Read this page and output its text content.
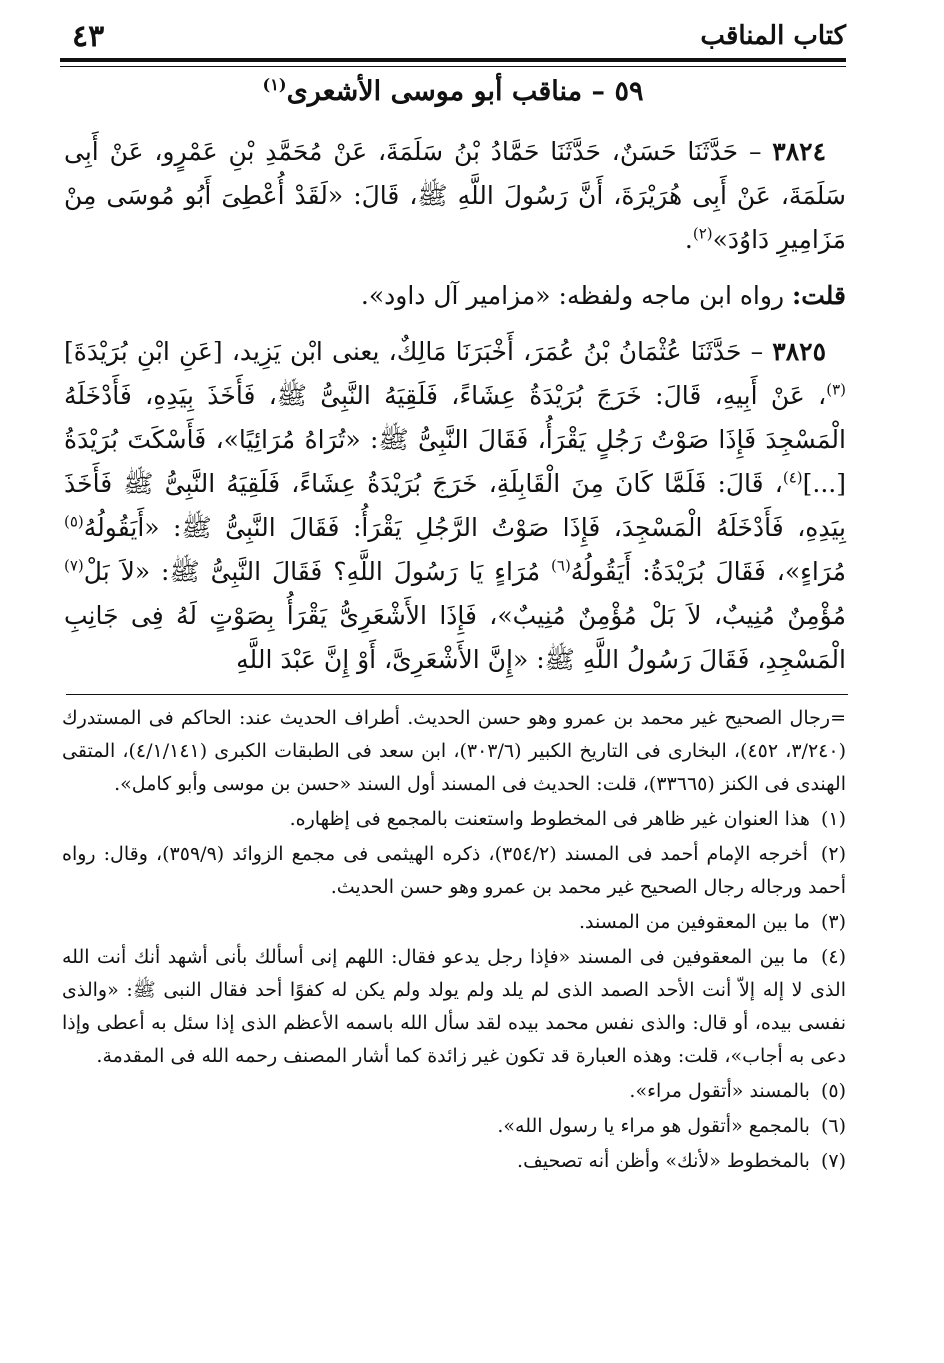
كتاب المناقب
٤٣
٥٩ – مناقب أبو موسى الأشعرى$^{(١)}$

٣٨٢٤ – حَدَّثَنَا حَسَنٌ، حَدَّثَنَا حَمَّادُ بْنُ سَلَمَةَ، عَنْ مُحَمَّدِ بْنِ عَمْرٍو، عَنْ أَبِى سَلَمَةَ، عَنْ أَبِى هُرَيْرَةَ، أَنَّ رَسُولَ اللَّهِ ﷺ، قَالَ: «لَقَدْ أُعْطِىَ أَبُو مُوسَى مِنْ مَزَامِيرِ دَاوُدَ»$^{(٢)}$.

قلت: رواه ابن ماجه ولفظه: «مزامير آل داود».

٣٨٢٥ – حَدَّثَنَا عُثْمَانُ بْنُ عُمَرَ، أَخْبَرَنَا مَالِكٌ، يعنى ابْن يَزِيد، [عَنِ ابْنِ بُرَيْدَةَ]$^{(٣)}$، عَنْ أَبِيهِ، قَالَ: خَرَجَ بُرَيْدَةُ عِشَاءً، فَلَقِيَهُ النَّبِىُّ ﷺ، فَأَخَذَ بِيَدِهِ، فَأَدْخَلَهُ الْمَسْجِدَ فَإِذَا صَوْتُ رَجُلٍ يَقْرَأُ، فَقَالَ النَّبِىُّ ﷺ: «تُرَاهُ مُرَائِيًا»، فَأَسْكَتَ بُرَيْدَةُ [...]$^{(٤)}$، قَالَ: فَلَمَّا كَانَ مِنَ الْقَابِلَةِ، خَرَجَ بُرَيْدَةُ عِشَاءً، فَلَقِيَهُ النَّبِىُّ ﷺ فَأَخَذَ بِيَدِهِ، فَأَدْخَلَهُ الْمَسْجِدَ، فَإِذَا صَوْتُ الرَّجُلِ يَقْرَأُ: فَقَالَ النَّبِىُّ ﷺ: «أَيَقُولُهُ$^{(٥)}$ مُرَاءٍ»، فَقَالَ بُرَيْدَةُ: أَيَقُولُهُ$^{(٦)}$ مُرَاءٍ يَا رَسُولَ اللَّهِ؟ فَقَالَ النَّبِىُّ ﷺ: «لاَ بَلْ$^{(٧)}$ مُؤْمِنٌ مُنِيبٌ، لاَ بَلْ مُؤْمِنٌ مُنِيبٌ»، فَإِذَا الأَشْعَرِىُّ يَقْرَأُ بِصَوْتٍ لَهُ فِى جَانِبِ الْمَسْجِدِ، فَقَالَ رَسُولُ اللَّهِ ﷺ: «إِنَّ الأَشْعَرِىَّ، أَوْ إِنَّ عَبْدَ اللَّهِ

=رجال الصحيح غير محمد بن عمرو وهو حسن الحديث. أطراف الحديث عند: الحاكم فى المستدرك (٣/٢٤٠، ٤٥٢)، البخارى فى التاريخ الكبير (٣٠٣/٦)، ابن سعد فى الطبقات الكبرى (٤/١/١٤١)، المتقى الهندى فى الكنز (٣٣٦٦٥)، قلت: الحديث فى المسند أول السند «حسن بن موسى وأبو كامل».

(١) هذا العنوان غير ظاهر فى المخطوط واستعنت بالمجمع فى إظهاره.

(٢) أخرجه الإمام أحمد فى المسند (٣٥٤/٢)، ذكره الهيثمى فى مجمع الزوائد (٣٥٩/٩)، وقال: رواه أحمد ورجاله رجال الصحيح غير محمد بن عمرو وهو حسن الحديث.

(٣) ما بين المعقوفين من المسند.

(٤) ما بين المعقوفين فى المسند «فإذا رجل يدعو فقال: اللهم إنى أسألك بأنى أشهد أنك أنت الله الذى لا إله إلاّ أنت الأحد الصمد الذى لم يلد ولم يولد ولم يكن له كفوًا أحد فقال النبى ﷺ: «والذى نفسى بيده، أو قال: والذى نفس محمد بيده لقد سأل الله باسمه الأعظم الذى إذا سئل به أعطى وإذا دعى به أجاب»، قلت: وهذه العبارة قد تكون غير زائدة كما أشار المصنف رحمه الله فى المقدمة.

(٥) بالمسند «أتقول مراء».

(٦) بالمجمع «أتقول هو مراء يا رسول الله».

(٧) بالمخطوط «لأنك» وأظن أنه تصحيف.
